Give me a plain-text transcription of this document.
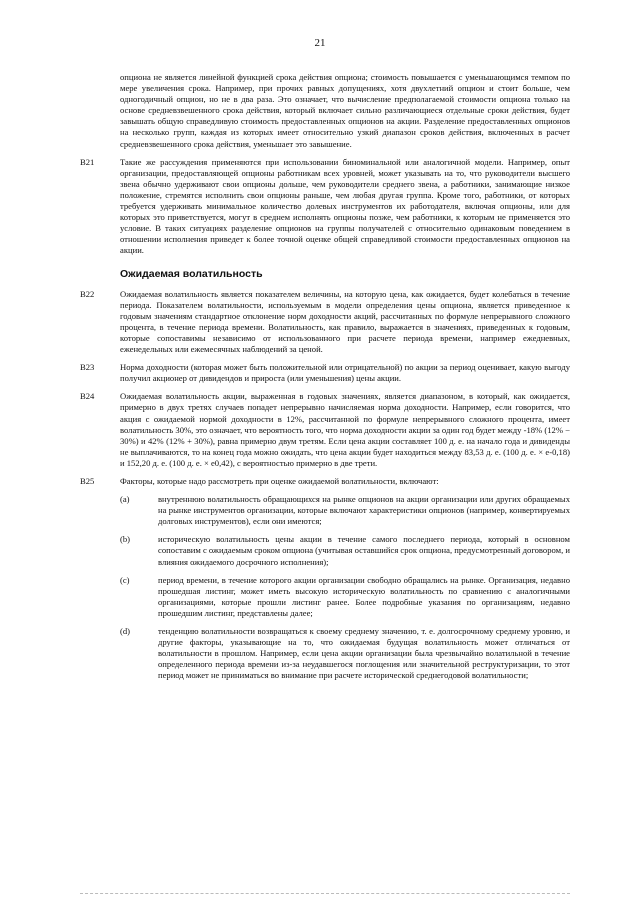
21
опциона не является линейной функцией срока действия опциона; стоимость повышается с уменьшающимся темпом по мере увеличения срока. Например, при прочих равных допущениях, хотя двухлетний опцион и стоит больше, чем одногодичный опцион, но не в два раза. Это означает, что вычисление предполагаемой стоимости опциона только на основе средневзвешенного срока действия, который включает сильно различающиеся отдельные сроки действия, будет завышать общую справедливую стоимость предоставленных опционов на акции. Разделение предоставленных опционов на несколько групп, каждая из которых имеет относительно узкий диапазон сроков действия, включенных в расчет средневзвешенного срока действия, уменьшает это завышение.
B21	Такие же рассуждения применяются при использовании биноминальной или аналогичной модели. Например, опыт организации, предоставляющей опционы работникам всех уровней, может указывать на то, что руководители высшего звена обычно удерживают свои опционы дольше, чем руководители среднего звена, а работники, занимающие низкое положение, стремятся исполнить свои опционы раньше, чем любая другая группа. Кроме того, работники, от которых требуется удерживать минимальное количество долевых инструментов их работодателя, включая опционы, или для которых это приветствуется, могут в среднем исполнять опционы позже, чем работники, к которым не применяется это условие. В таких ситуациях разделение опционов на группы получателей с относительно одинаковым поведением в отношении исполнения приведет к более точной оценке общей справедливой стоимости предоставленных опционов на акции.
Ожидаемая волатильность
B22	Ожидаемая волатильность является показателем величины, на которую цена, как ожидается, будет колебаться в течение периода. Показателем волатильности, используемым в модели определения цены опциона, является приведенное к годовым значениям стандартное отклонение норм доходности акций, рассчитанных по формуле непрерывного сложного процента, в течение периода времени. Волатильность, как правило, выражается в значениях, приведенных к годовым, которые сопоставимы независимо от использованного при расчете периода времени, например ежедневных, еженедельных или ежемесячных наблюдений за ценой.
B23	Норма доходности (которая может быть положительной или отрицательной) по акции за период оценивает, какую выгоду получил акционер от дивидендов и прироста (или уменьшения) цены акции.
B24	Ожидаемая волатильность акции, выраженная в годовых значениях, является диапазоном, в который, как ожидается, примерно в двух третях случаев попадет непрерывно начисляемая норма доходности. Например, если говорится, что акция с ожидаемой нормой доходности в 12%, рассчитанной по формуле непрерывного сложного процента, имеет волатильность 30%, это означает, что вероятность того, что норма доходности акции за один год будет между -18% (12% − 30%) и 42% (12% + 30%), равна примерно двум третям. Если цена акции составляет 100 д. е. на начало года и дивиденды не выплачиваются, то на конец года можно ожидать, что цена акции будет находиться между 83,53 д. е. (100 д. е. × e-0,18) и 152,20 д. е. (100 д. е. × e0,42), с вероятностью примерно в две трети.
B25	Факторы, которые надо рассмотреть при оценке ожидаемой волатильности, включают:
(a)	внутреннюю волатильность обращающихся на рынке опционов на акции организации или других обращаемых на рынке инструментов организации, которые включают характеристики опционов (например, конвертируемых долговых инструментов), если они имеются;
(b)	историческую волатильность цены акции в течение самого последнего периода, который в основном сопоставим с ожидаемым сроком опциона (учитывая оставшийся срок опциона, предусмотренный договором, и влияния ожидаемого досрочного исполнения);
(c)	период времени, в течение которого акции организации свободно обращались на рынке. Организация, недавно прошедшая листинг, может иметь высокую историческую волатильность по сравнению с аналогичными организациями, которые прошли листинг ранее. Более подробные указания по организациям, недавно прошедшим листинг, представлены далее;
(d)	тенденцию волатильности возвращаться к своему среднему значению, т. е. долгосрочному среднему уровню, и другие факторы, указывающие на то, что ожидаемая будущая волатильность может отличаться от волатильности в прошлом. Например, если цена акции организации была чрезвычайно волатильной в течение определенного периода времени из-за неудавшегося поглощения или значительной реструктуризации, то этот период может не приниматься во внимание при расчете исторической среднегодовой волатильности;
